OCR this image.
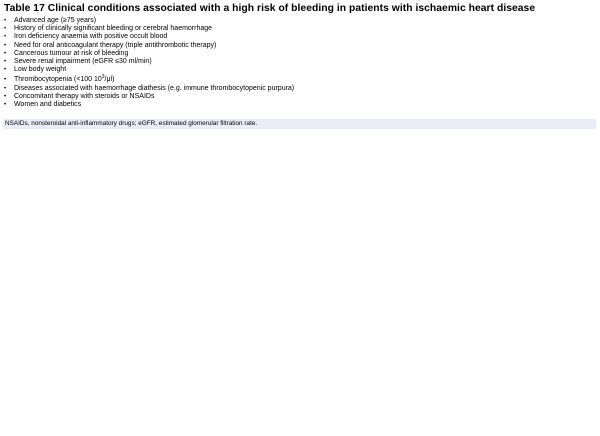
Table 17 Clinical conditions associated with a high risk of bleeding in patients with ischaemic heart disease
• Advanced age (≥75 years)
• History of clinically significant bleeding or cerebral haemorrhage
• Iron deficiency anaemia with positive occult blood
• Need for oral anticoagulant therapy (triple antithrombotic therapy)
• Cancerous tumour at risk of bleeding
• Severe renal impairment (eGFR ≤30 ml/min)
• Low body weight
• Thrombocytopenia (<100 $10^3/\mu l$)
• Diseases associated with haemorrhage diathesis (e.g. immune thrombocytopenic purpura)
• Concomitant therapy with steroids or NSAIDs
• Women and diabetics
NSAIDs, nonsteroidal anti-inflammatory drugs; eGFR, estimated glomerular filtration rate.
